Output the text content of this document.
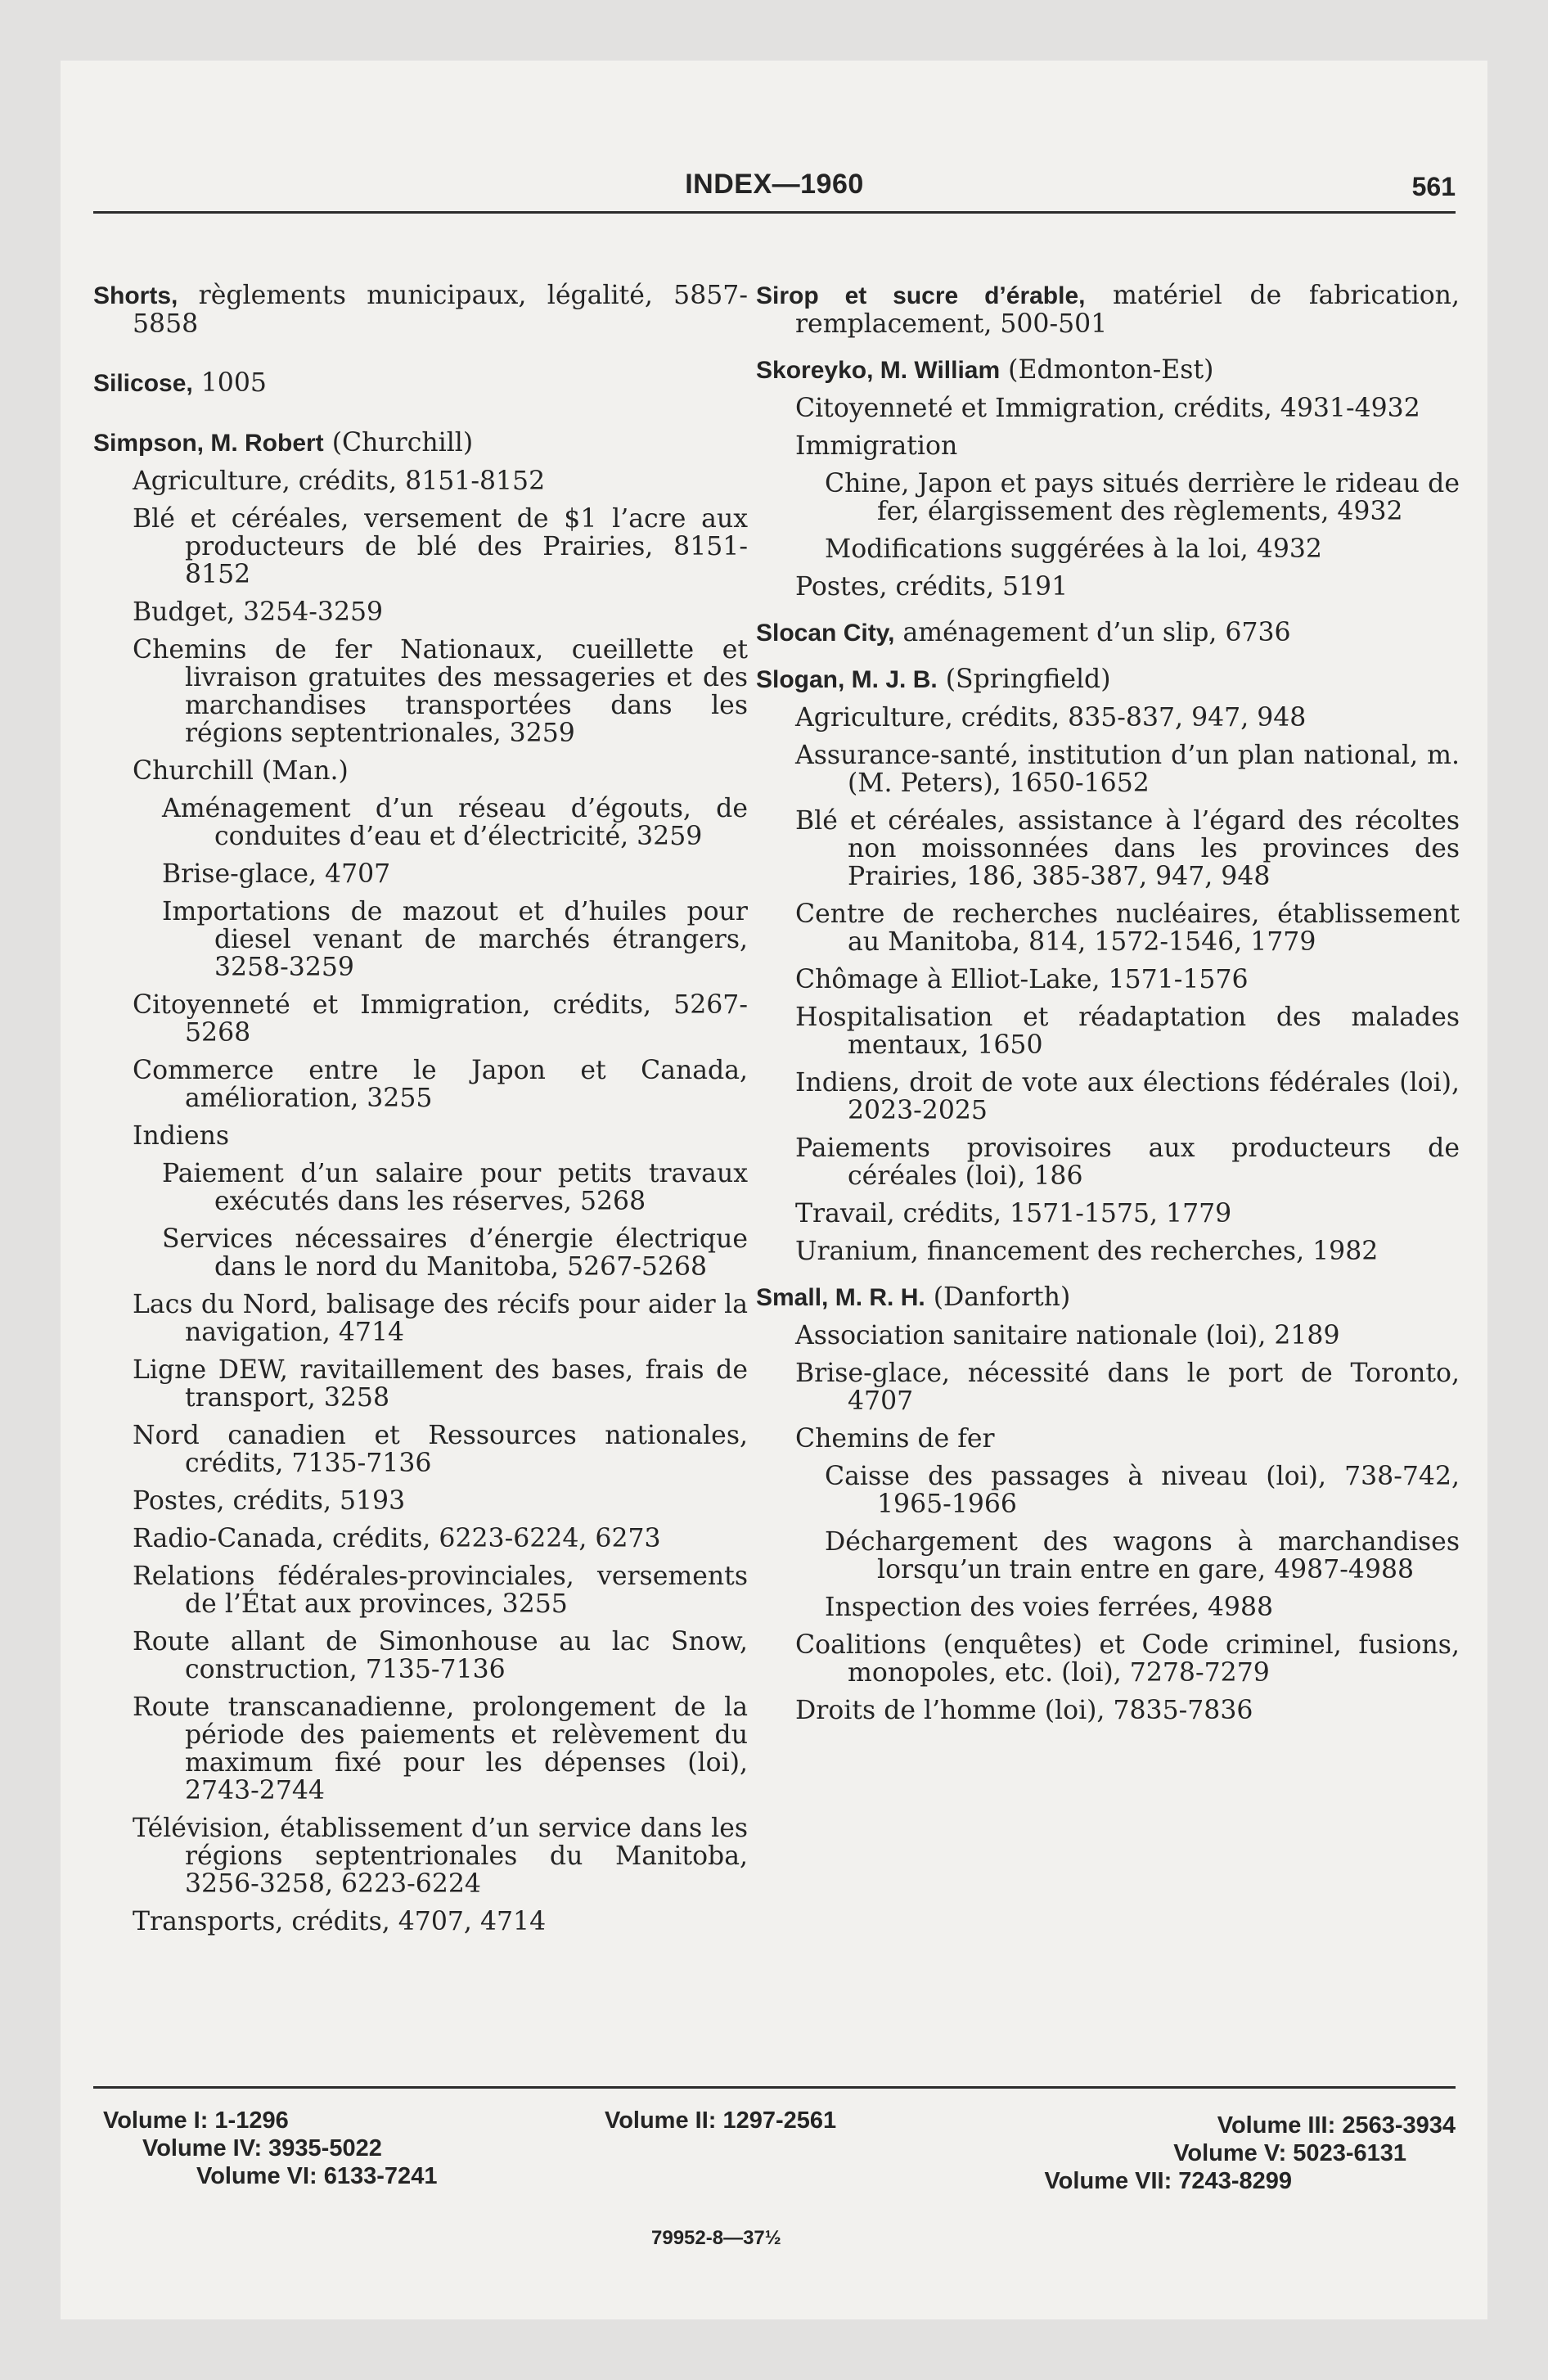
INDEX—1960	561
Shorts, règlements municipaux, légalité, 5857-5858
Silicose, 1005
Simpson, M. Robert (Churchill)
Agriculture, crédits, 8151-8152
Blé et céréales, versement de $1 l’acre aux producteurs de blé des Prairies, 8151-8152
Budget, 3254-3259
Chemins de fer Nationaux, cueillette et livraison gratuites des messageries et des marchandises transportées dans les régions septentrionales, 3259
Churchill (Man.)
Aménagement d’un réseau d’égouts, de conduites d’eau et d’électricité, 3259
Brise-glace, 4707
Importations de mazout et d’huiles pour diesel venant de marchés étrangers, 3258-3259
Citoyenneté et Immigration, crédits, 5267-5268
Commerce entre le Japon et Canada, amélioration, 3255
Indiens
Paiement d’un salaire pour petits travaux exécutés dans les réserves, 5268
Services nécessaires d’énergie électrique dans le nord du Manitoba, 5267-5268
Lacs du Nord, balisage des récifs pour aider la navigation, 4714
Ligne DEW, ravitaillement des bases, frais de transport, 3258
Nord canadien et Ressources nationales, crédits, 7135-7136
Postes, crédits, 5193
Radio-Canada, crédits, 6223-6224, 6273
Relations fédérales-provinciales, versements de l’État aux provinces, 3255
Route allant de Simonhouse au lac Snow, construction, 7135-7136
Route transcanadienne, prolongement de la période des paiements et relèvement du maximum fixé pour les dépenses (loi), 2743-2744
Télévision, établissement d’un service dans les régions septentrionales du Manitoba, 3256-3258, 6223-6224
Transports, crédits, 4707, 4714
Sirop et sucre d’érable, matériel de fabrication, remplacement, 500-501
Skoreyko, M. William (Edmonton-Est)
Citoyenneté et Immigration, crédits, 4931-4932
Immigration
Chine, Japon et pays situés derrière le rideau de fer, élargissement des règlements, 4932
Modifications suggérées à la loi, 4932
Postes, crédits, 5191
Slocan City, aménagement d’un slip, 6736
Slogan, M. J. B. (Springfield)
Agriculture, crédits, 835-837, 947, 948
Assurance-santé, institution d’un plan national, m. (M. Peters), 1650-1652
Blé et céréales, assistance à l’égard des récoltes non moissonnées dans les provinces des Prairies, 186, 385-387, 947, 948
Centre de recherches nucléaires, établissement au Manitoba, 814, 1572-1546, 1779
Chômage à Elliot-Lake, 1571-1576
Hospitalisation et réadaptation des malades mentaux, 1650
Indiens, droit de vote aux élections fédérales (loi), 2023-2025
Paiements provisoires aux producteurs de céréales (loi), 186
Travail, crédits, 1571-1575, 1779
Uranium, financement des recherches, 1982
Small, M. R. H. (Danforth)
Association sanitaire nationale (loi), 2189
Brise-glace, nécessité dans le port de Toronto, 4707
Chemins de fer
Caisse des passages à niveau (loi), 738-742, 1965-1966
Déchargement des wagons à marchandises lorsqu’un train entre en gare, 4987-4988
Inspection des voies ferrées, 4988
Coalitions (enquêtes) et Code criminel, fusions, monopoles, etc. (loi), 7278-7279
Droits de l’homme (loi), 7835-7836
Volume I: 1-1296	Volume II: 1297-2561	Volume III: 2563-3934
Volume IV: 3935-5022	Volume V: 5023-6131
Volume VI: 6133-7241	Volume VII: 7243-8299
79952-8—37½
